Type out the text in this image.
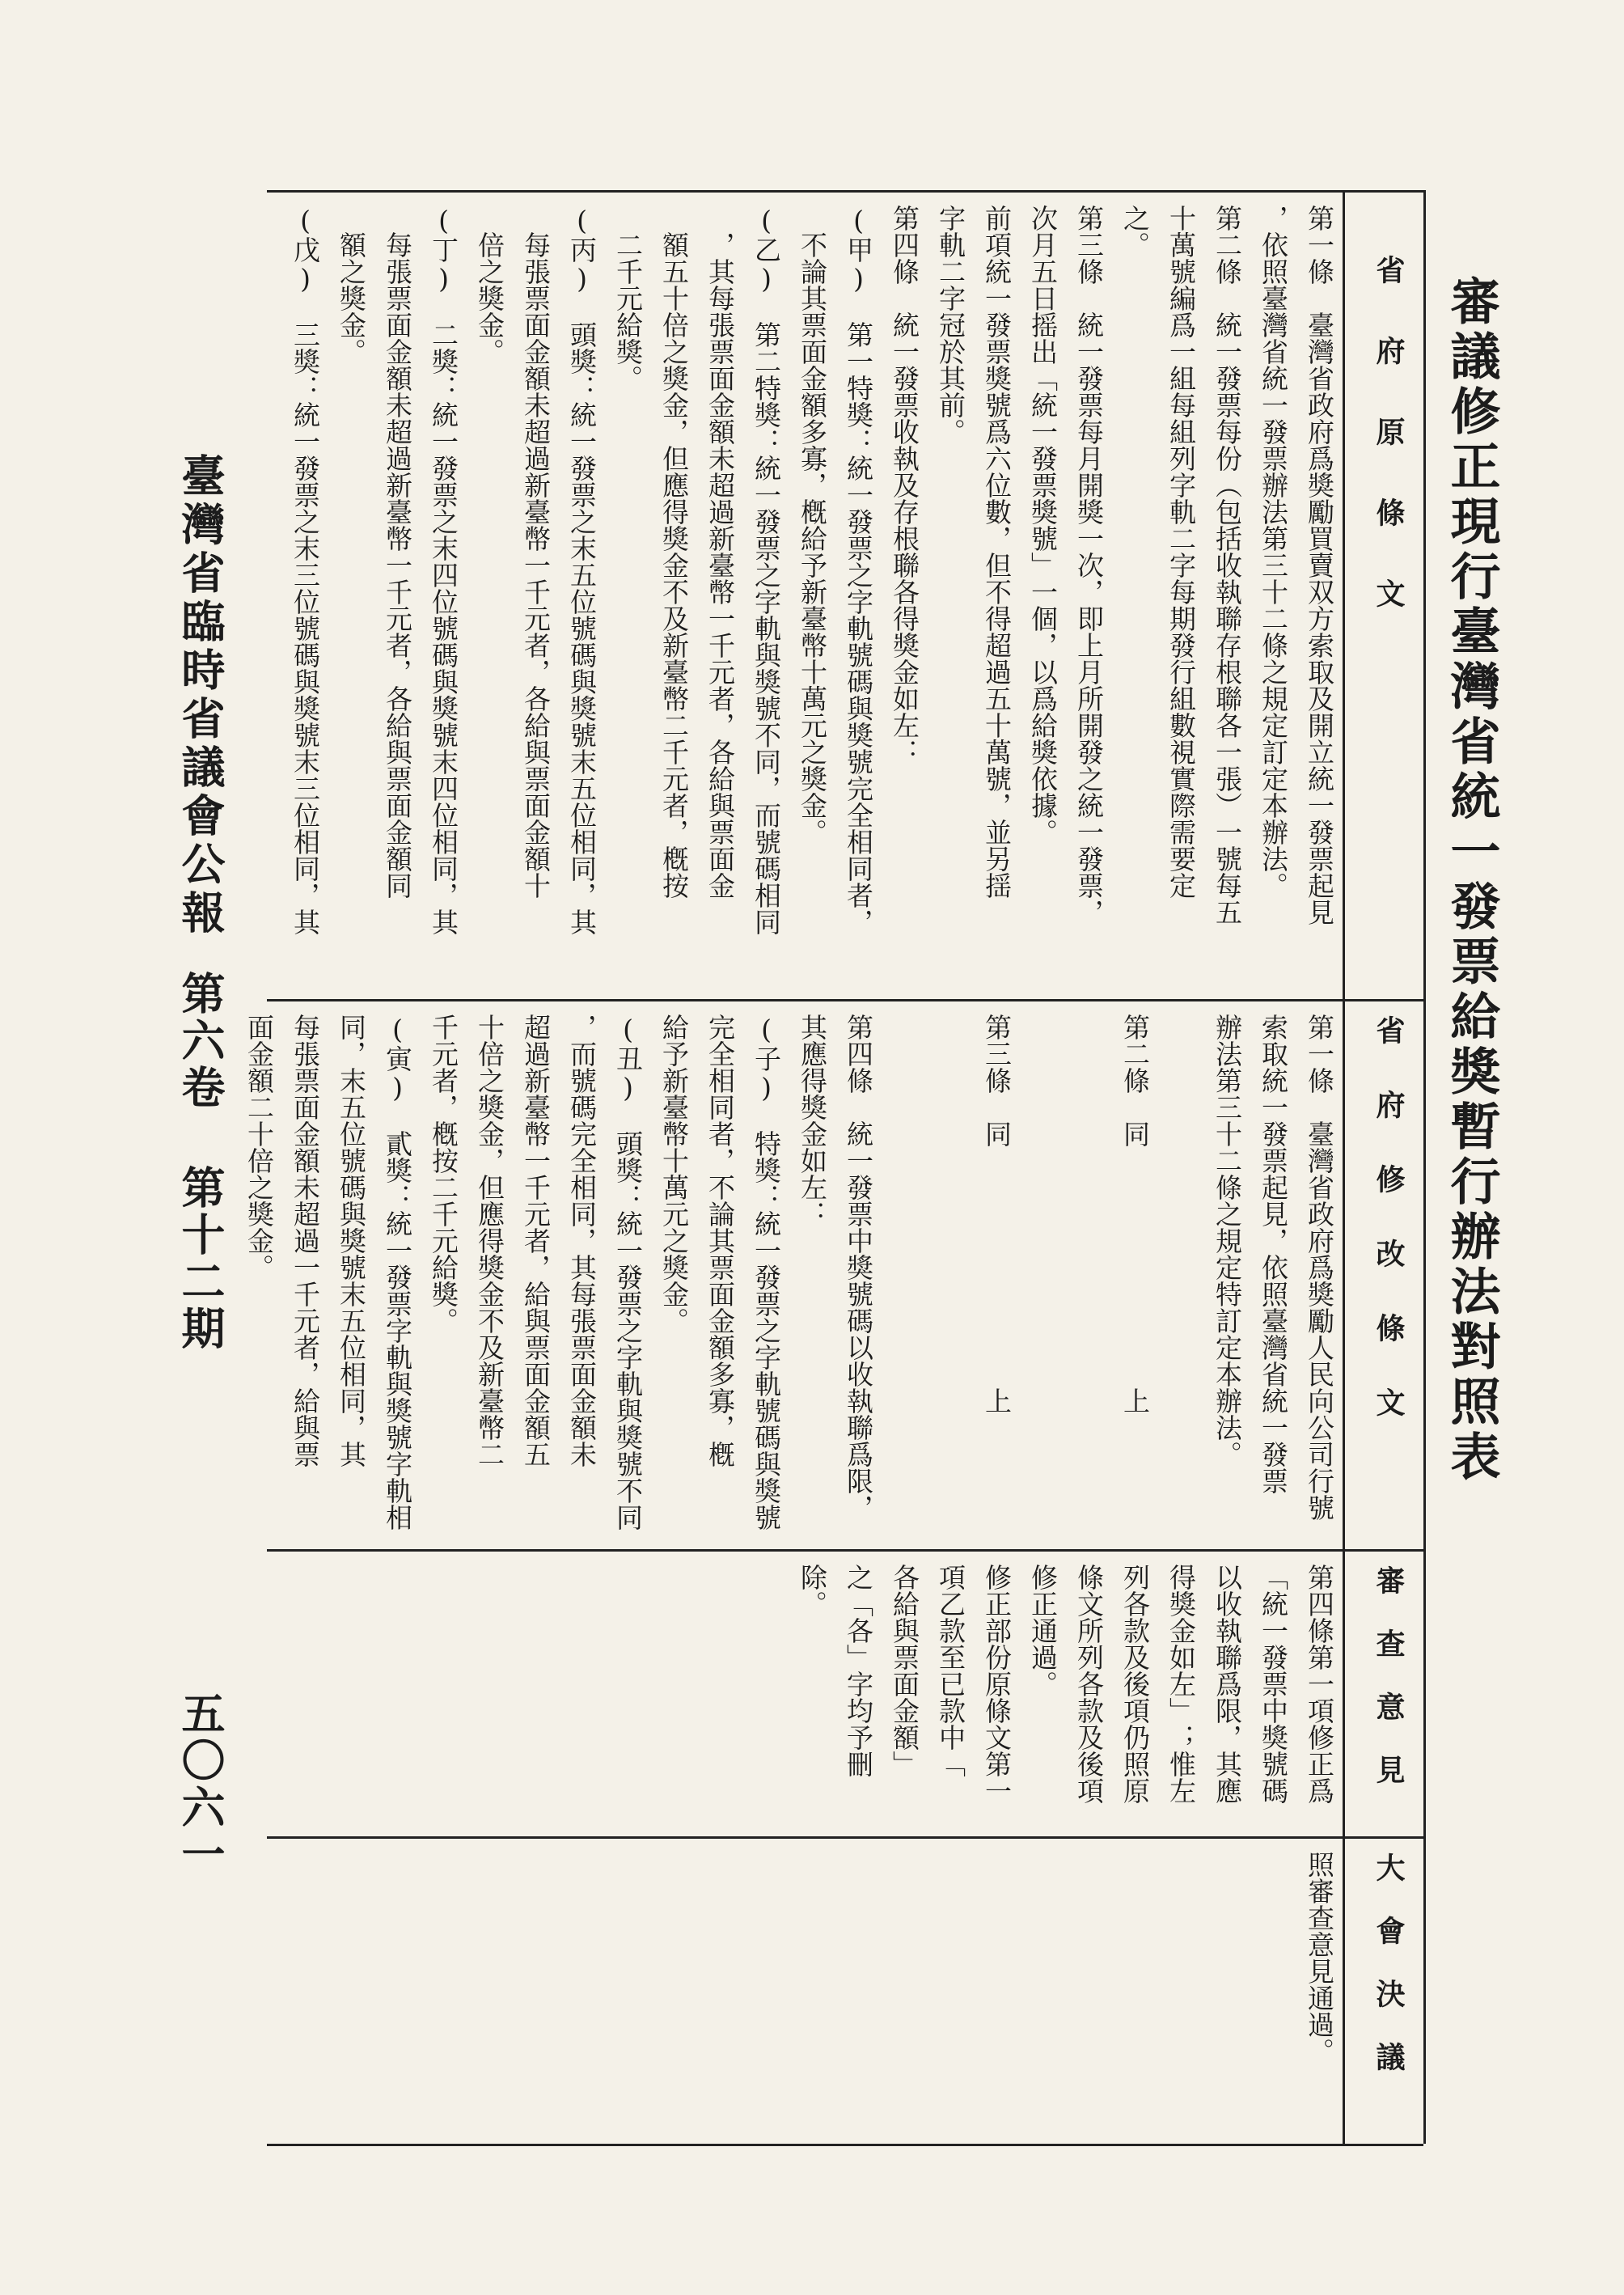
審議修正現行臺灣省統一發票給獎暫行辦法對照表
省府原條文
省府修改條文
審查意見
大會決議
第一條　臺灣省政府爲獎勵買賣双方索取及開立統一發票起見
，依照臺灣省統一發票辦法第三十二條之規定訂定本辦法。
第二條　統一發票每份（包括收執聯存根聯各一張）一號每五
十萬號編爲一組每組列字軌二字每期發行組數視實際需要定
之。
第三條　統一發票每月開獎一次，即上月所開發之統一發票，
次月五日摇出「統一發票獎號」一個，以爲給獎依據。
前項統一發票獎號爲六位數，但不得超過五十萬號，並另揺
字軌二字冠於其前。
第四條　統一發票收執及存根聯各得獎金如左：
(甲)　第一特獎：統一發票之字軌號碼與獎號完全相同者，
　不論其票面金額多寡，槪給予新臺幣十萬元之獎金。
(乙)　第二特獎：統一發票之字軌與獎號不同，而號碼相同
　，其每張票面金額未超過新臺幣一千元者，各給與票面金
　額五十倍之獎金，但應得獎金不及新臺幣二千元者，槪按
　二千元給獎。
(丙)　頭獎：統一發票之末五位號碼與獎號末五位相同，其
　每張票面金額未超過新臺幣一千元者，各給與票面金額十
　倍之獎金。
(丁)　二獎：統一發票之末四位號碼與獎號末四位相同，其
　每張票面金額未超過新臺幣一千元者，各給與票面金額同
　額之獎金。
(戊)　三獎：統一發票之末三位號碼與獎號末三位相同，其
第一條　臺灣省政府爲獎勵人民向公司行號
索取統一發票起見，依照臺灣省統一發票
辦法第三十二條之規定特訂定本辦法。

第二條　同　　　　　　　　　上

第三條　同　　　　　　　　　上

第四條　統一發票中獎號碼以收執聯爲限，
其應得獎金如左：
(子)　特獎：統一發票之字軌號碼與獎號
完全相同者，不論其票面金額多寡，槪
給予新臺幣十萬元之獎金。
(丑)　頭獎：統一發票之字軌與獎號不同
，而號碼完全相同，其每張票面金額未
超過新臺幣一千元者，給與票面金額五
十倍之獎金，但應得獎金不及新臺幣二
千元者，槪按二千元給獎。
(寅)　貳獎：統一發票字軌與獎號字軌相
同，末五位號碼與獎號末五位相同，其
每張票面金額未超過一千元者，給與票
面金額二十倍之獎金。
第四條第一項修正爲
「統一發票中獎號碼
以收執聯爲限，其應
得獎金如左」；惟左
列各款及後項仍照原
條文所列各款及後項
修正通過。
修正部份原條文第一
項乙款至已款中「
各給與票面金額」
之「各」字均予刪
除。
照審查意見通過。
臺灣省臨時省議會公報
第六卷
第十二期
五〇六一
